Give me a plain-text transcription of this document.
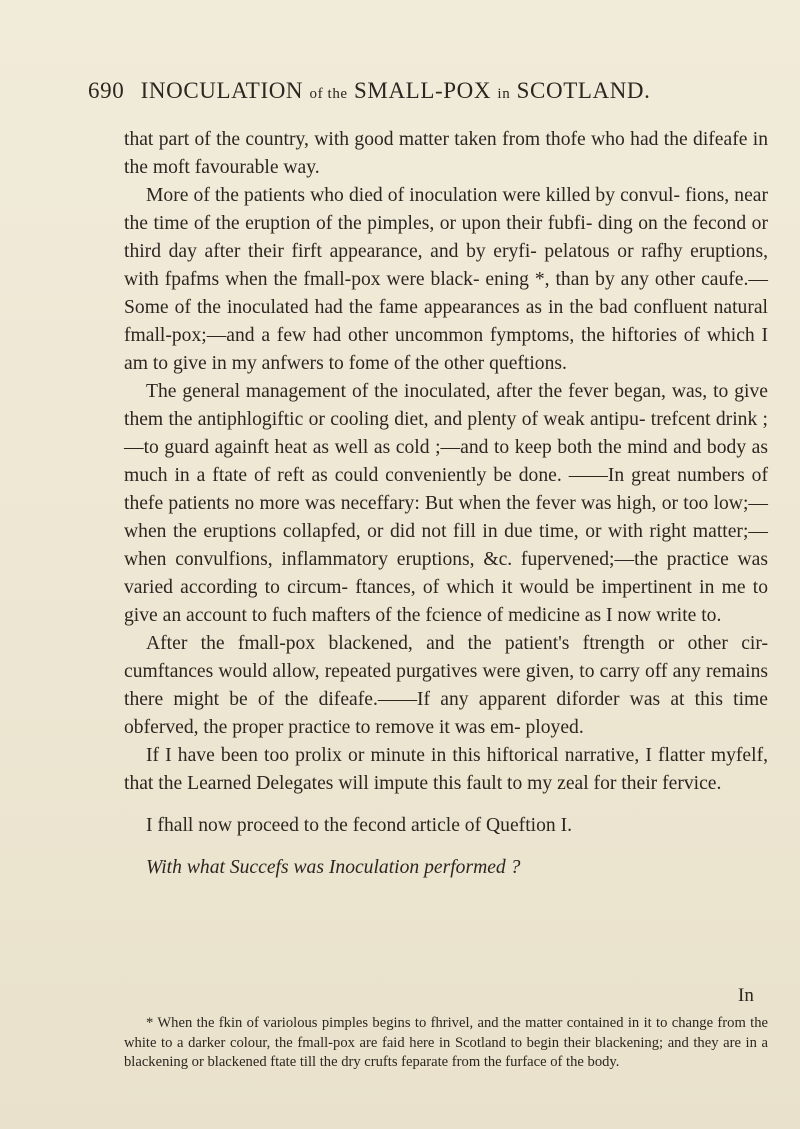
690 INOCULATION of the SMALL-POX in SCOTLAND.

that part of the country, with good matter taken from thofe who had the difeafe in the moft favourable way.

More of the patients who died of inoculation were killed by convul- fions, near the time of the eruption of the pimples, or upon their fubfi- ding on the fecond or third day after their firft appearance, and by eryfi- pelatous or rafhy eruptions, with fpafms when the fmall-pox were black- ening *, than by any other caufe.—Some of the inoculated had the fame appearances as in the bad confluent natural fmall-pox;—and a few had other uncommon fymptoms, the hiftories of which I am to give in my anfwers to fome of the other queftions.

The general management of the inoculated, after the fever began, was, to give them the antiphlogiftic or cooling diet, and plenty of weak antipu- trefcent drink ;—to guard againft heat as well as cold ;—and to keep both the mind and body as much in a ftate of reft as could conveniently be done. ——In great numbers of thefe patients no more was neceffary: But when the fever was high, or too low;—when the eruptions collapfed, or did not fill in due time, or with right matter;—when convulfions, inflammatory eruptions, &c. fupervened;—the practice was varied according to circum- ftances, of which it would be impertinent in me to give an account to fuch mafters of the fcience of medicine as I now write to.

After the fmall-pox blackened, and the patient's ftrength or other cir- cumftances would allow, repeated purgatives were given, to carry off any remains there might be of the difeafe.——If any apparent diforder was at this time obferved, the proper practice to remove it was em- ployed.

If I have been too prolix or minute in this hiftorical narrative, I flatter myfelf, that the Learned Delegates will impute this fault to my zeal for their fervice.

I fhall now proceed to the fecond article of Queftion I.

With what Succefs was Inoculation performed ?

In

* When the fkin of variolous pimples begins to fhrivel, and the matter contained in it to change from the white to a darker colour, the fmall-pox are faid here in Scotland to begin their blackening; and they are in a blackening or blackened ftate till the dry crufts feparate from the furface of the body.
